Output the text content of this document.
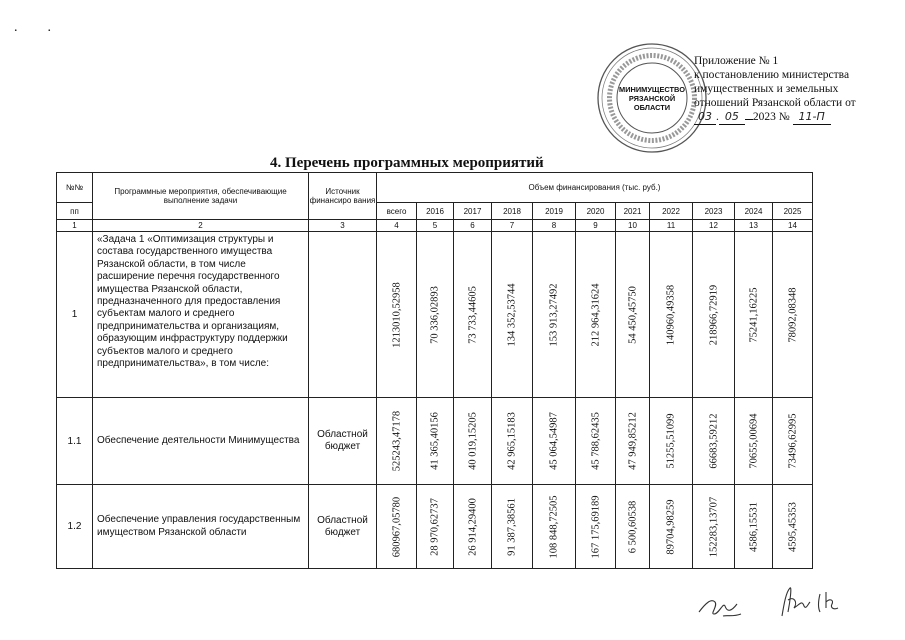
..
МИНИМУЩЕСТВО
РЯЗАНСКОЙ
ОБЛАСТИ
Приложение № 1
к постановлению министерства
имущественных и земельных
отношений Рязанской области от
03 . 05 2023 № 11-П
4. Перечень программных мероприятий
№№	Программные мероприятия, обеспечивающие выполнение задачи	Источник финансиро вания	Объем финансирования (тыс. руб.)										
пп			всего	2016	2017	2018	2019	2020	2021	2022	2023	2024	2025
1	2	3	4	5	6	7	8	9	10	11	12	13	14
1	«Задача 1 «Оптимизация структуры и состава государственного имущества Рязанской области, в том числе расширение перечня государственного имущества Рязанской области, предназначенного для предоставления субъектам малого и среднего предпринимательства и организациям, образующим инфраструктуру поддержки субъектов малого и среднего предпринимательства», в том числе:		1213010,52958	70 336,02893	73 733,44605	134 352,53744	153 913,27492	212 964,31624	54 450,45750	140960,49358	218966,72919	75241,16225	78092,08348

1.1	Обеспечение деятельности Минимущества	Областной бюджет	525243,47178	41 365,40156	40 019,15205	42 965,15183	45 064,54987	45 788,62435	47 949,85212	51255,51099	66683,59212	70655,00694	73496,62995

1.2	Обеспечение управления государственным имуществом Рязанской области	Областной бюджет	680967,05780	28 970,62737	26 914,29400	91 387,38561	108 848,72505	167 175,69189	6 500,60538	89704,98259	152283,13707	4586,15531	4595,45353
